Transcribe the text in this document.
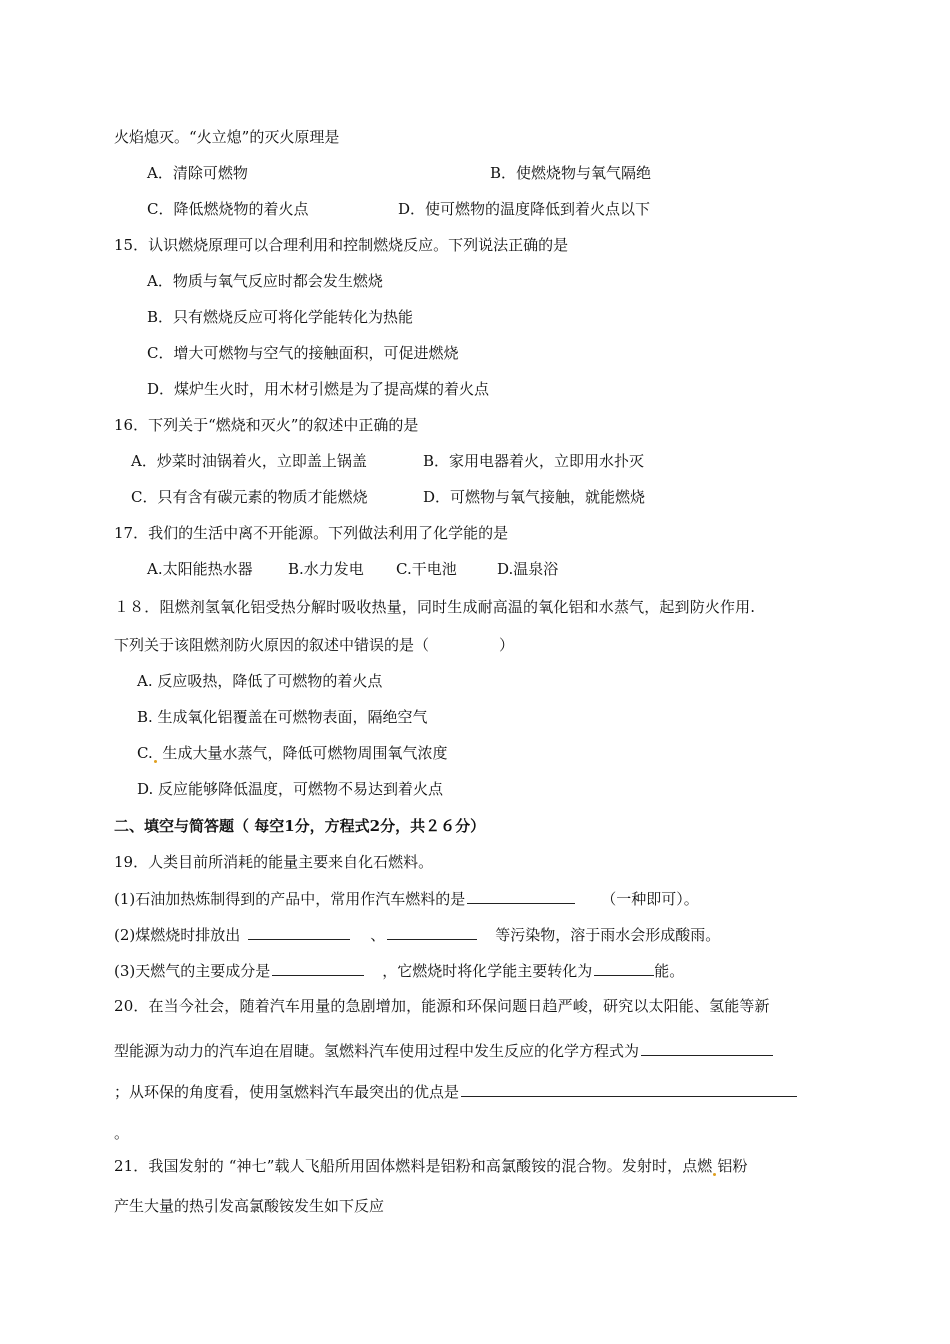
火焰熄灭。“火立熄”的灭火原理是
A．清除可燃物	B．使燃烧物与氧气隔绝
C．降低燃烧物的着火点	D．使可燃物的温度降低到着火点以下
15．认识燃烧原理可以合理利用和控制燃烧反应。下列说法正确的是
A．物质与氧气反应时都会发生燃烧
B．只有燃烧反应可将化学能转化为热能
C．增大可燃物与空气的接触面积，可促进燃烧
D．煤炉生火时，用木材引燃是为了提高煤的着火点
16．下列关于“燃烧和灭火”的叙述中正确的是
A．炒菜时油锅着火，立即盖上锅盖	B．家用电器着火，立即用水扑灭
C．只有含有碳元素的物质才能燃烧	D．可燃物与氧气接触，就能燃烧
17．我们的生活中离不开能源。下列做法利用了化学能的是
A.太阳能热水器 B.水力发电 C.干电池	D.温泉浴
１８．阻燃剂氢氧化铝受热分解时吸收热量，同时生成耐高温的氧化铝和水蒸气，起到防火作用.
下列关于该阻燃剂防火原因的叙述中错误的是（	）
A. 反应吸热，降低了可燃物的着火点
B. 生成氧化铝覆盖在可燃物表面，隔绝空气
C. 生成大量水蒸气，降低可燃物周围氧气浓度
D. 反应能够降低温度，可燃物不易达到着火点
二、填空与简答题（ 每空1分，方程式2分，共２６分）
19．人类目前所消耗的能量主要来自化石燃料。
(1)石油加热炼制得到的产品中，常用作汽车燃料的是	（一种即可）。
(2)煤燃烧时排放出	、	等污染物，溶于雨水会形成酸雨。
(3)天燃气的主要成分是	，它燃烧时将化学能主要转化为	能。
20．在当今社会，随着汽车用量的急剧增加，能源和环保问题日趋严峻，研究以太阳能、氢能等新
型能源为动力的汽车迫在眉睫。氢燃料汽车使用过程中发生反应的化学方程式为
；从环保的角度看，使用氢燃料汽车最突出的优点是
。
21．我国发射的 “神七”载人飞船所用固体燃料是铝粉和高氯酸铵的混合物。发射时，点燃 铝粉
产生大量的热引发高氯酸铵发生如下反应
